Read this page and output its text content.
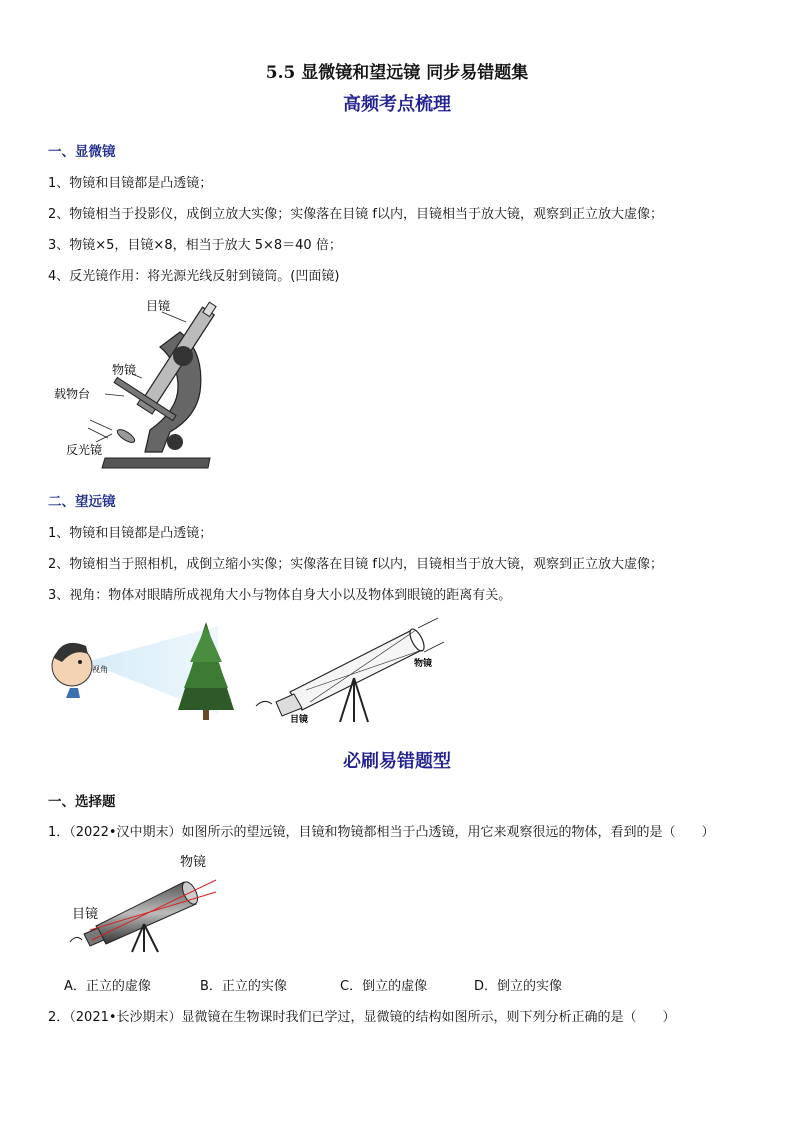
5.5 显微镜和望远镜 同步易错题集
高频考点梳理
一、显微镜
1、物镜和目镜都是凸透镜；
2、物镜相当于投影仪，成倒立放大实像；实像落在目镜 f以内，目镜相当于放大镜，观察到正立放大虚像；
3、物镜×5，目镜×8，相当于放大 5×8＝40 倍；
4、反光镜作用：将光源光线反射到镜筒。(凹面镜)
目镜
物镜
载物台
反光镜
二、望远镜
1、物镜和目镜都是凸透镜；
2、物镜相当于照相机，成倒立缩小实像；实像落在目镜 f以内，目镜相当于放大镜，观察到正立放大虚像；
3、视角：物体对眼睛所成视角大小与物体自身大小以及物体到眼镜的距离有关。
视角
物镜
目镜
必刷易错题型
一、选择题
1．（2022•汉中期末）如图所示的望远镜，目镜和物镜都相当于凸透镜，用它来观察很远的物体，看到的是（　　）
物镜
目镜
A．正立的虚像	B．正立的实像	C．倒立的虚像	D．倒立的实像
2．（2021•长沙期末）显微镜在生物课时我们已学过，显微镜的结构如图所示，则下列分析正确的是（　　）
